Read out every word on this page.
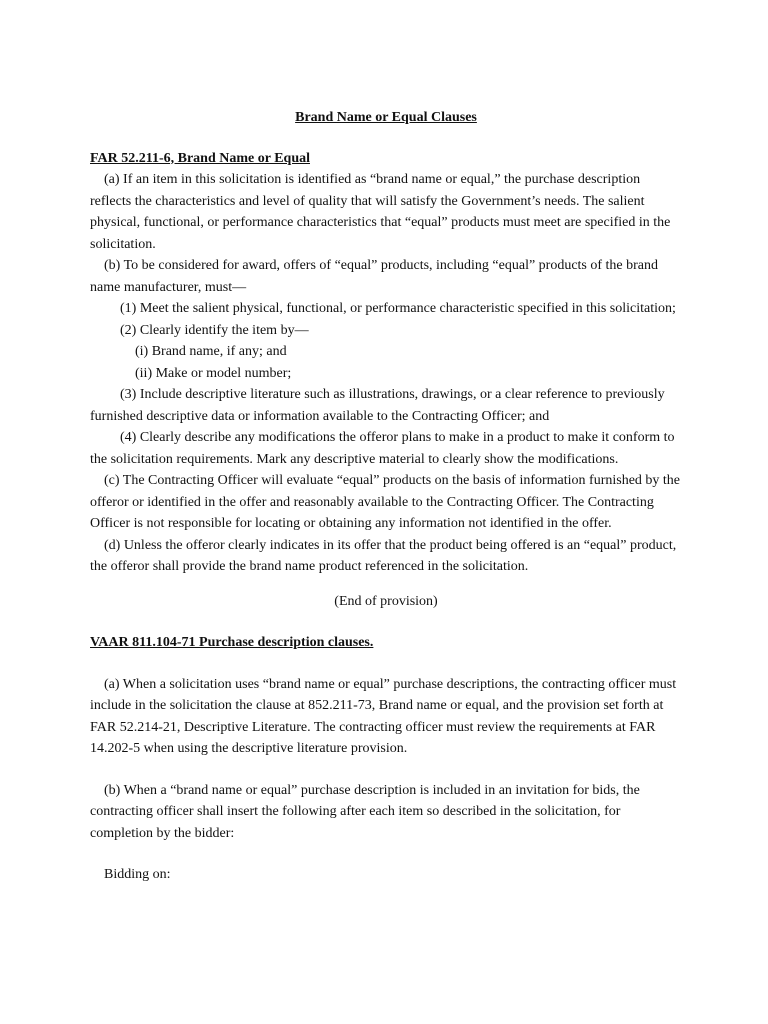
Brand Name or Equal Clauses

FAR 52.211-6, Brand Name or Equal

(a) If an item in this solicitation is identified as “brand name or equal,” the purchase description reflects the characteristics and level of quality that will satisfy the Government’s needs. The salient physical, functional, or performance characteristics that “equal” products must meet are specified in the solicitation.

(b) To be considered for award, offers of “equal” products, including “equal” products of the brand name manufacturer, must—

(1) Meet the salient physical, functional, or performance characteristic specified in this solicitation;

(2) Clearly identify the item by—

(i) Brand name, if any; and

(ii) Make or model number;

(3) Include descriptive literature such as illustrations, drawings, or a clear reference to previously furnished descriptive data or information available to the Contracting Officer; and

(4) Clearly describe any modifications the offeror plans to make in a product to make it conform to the solicitation requirements. Mark any descriptive material to clearly show the modifications.

(c) The Contracting Officer will evaluate “equal” products on the basis of information furnished by the offeror or identified in the offer and reasonably available to the Contracting Officer. The Contracting Officer is not responsible for locating or obtaining any information not identified in the offer.

(d) Unless the offeror clearly indicates in its offer that the product being offered is an “equal” product, the offeror shall provide the brand name product referenced in the solicitation.

(End of provision)

VAAR 811.104-71 Purchase description clauses.

(a) When a solicitation uses “brand name or equal” purchase descriptions, the contracting officer must include in the solicitation the clause at 852.211-73, Brand name or equal, and the provision set forth at FAR 52.214-21, Descriptive Literature. The contracting officer must review the requirements at FAR 14.202-5 when using the descriptive literature provision.

(b) When a “brand name or equal” purchase description is included in an invitation for bids, the contracting officer shall insert the following after each item so described in the solicitation, for completion by the bidder:

Bidding on:
